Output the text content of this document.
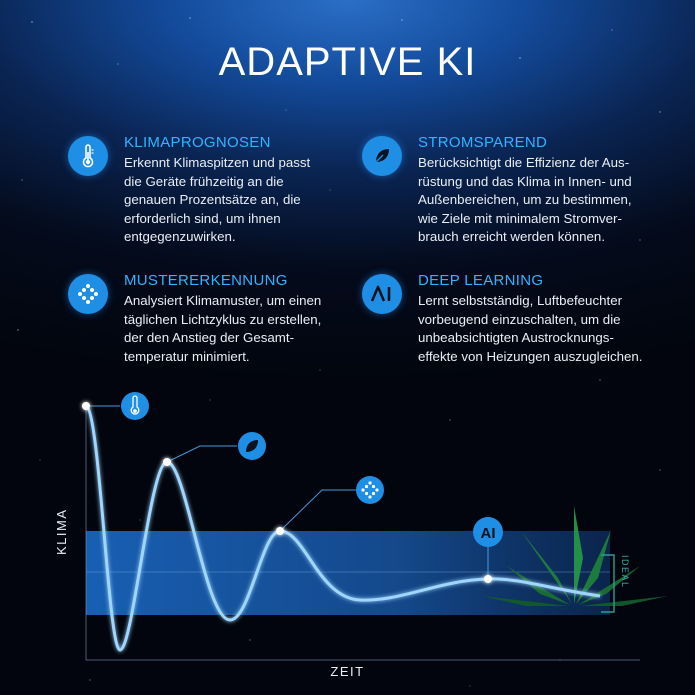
ADAPTIVE KI
KLIMAPROGNOSEN
Erkennt Klimaspitzen und passt
die Geräte frühzeitig an die
genauen Prozentsätze an, die
erforderlich sind, um ihnen
entgegenzuwirken.
STROMSPAREND
Berücksichtigt die Effizienz der Aus-
rüstung und das Klima in Innen- und
Außenbereichen, um zu bestimmen,
wie Ziele mit minimalem Stromver-
brauch erreicht werden können.
MUSTERERKENNUNG
Analysiert Klimamuster, um einen
täglichen Lichtzyklus zu erstellen,
der den Anstieg der Gesamt-
temperatur minimiert.
DEEP LEARNING
Lernt selbstständig, Luftbefeuchter
vorbeugend einzuschalten, um die
unbeabsichtigten Austrocknungs-
effekte von Heizungen auszugleichen.
AI
KLIMA
ZEIT
IDEAL
